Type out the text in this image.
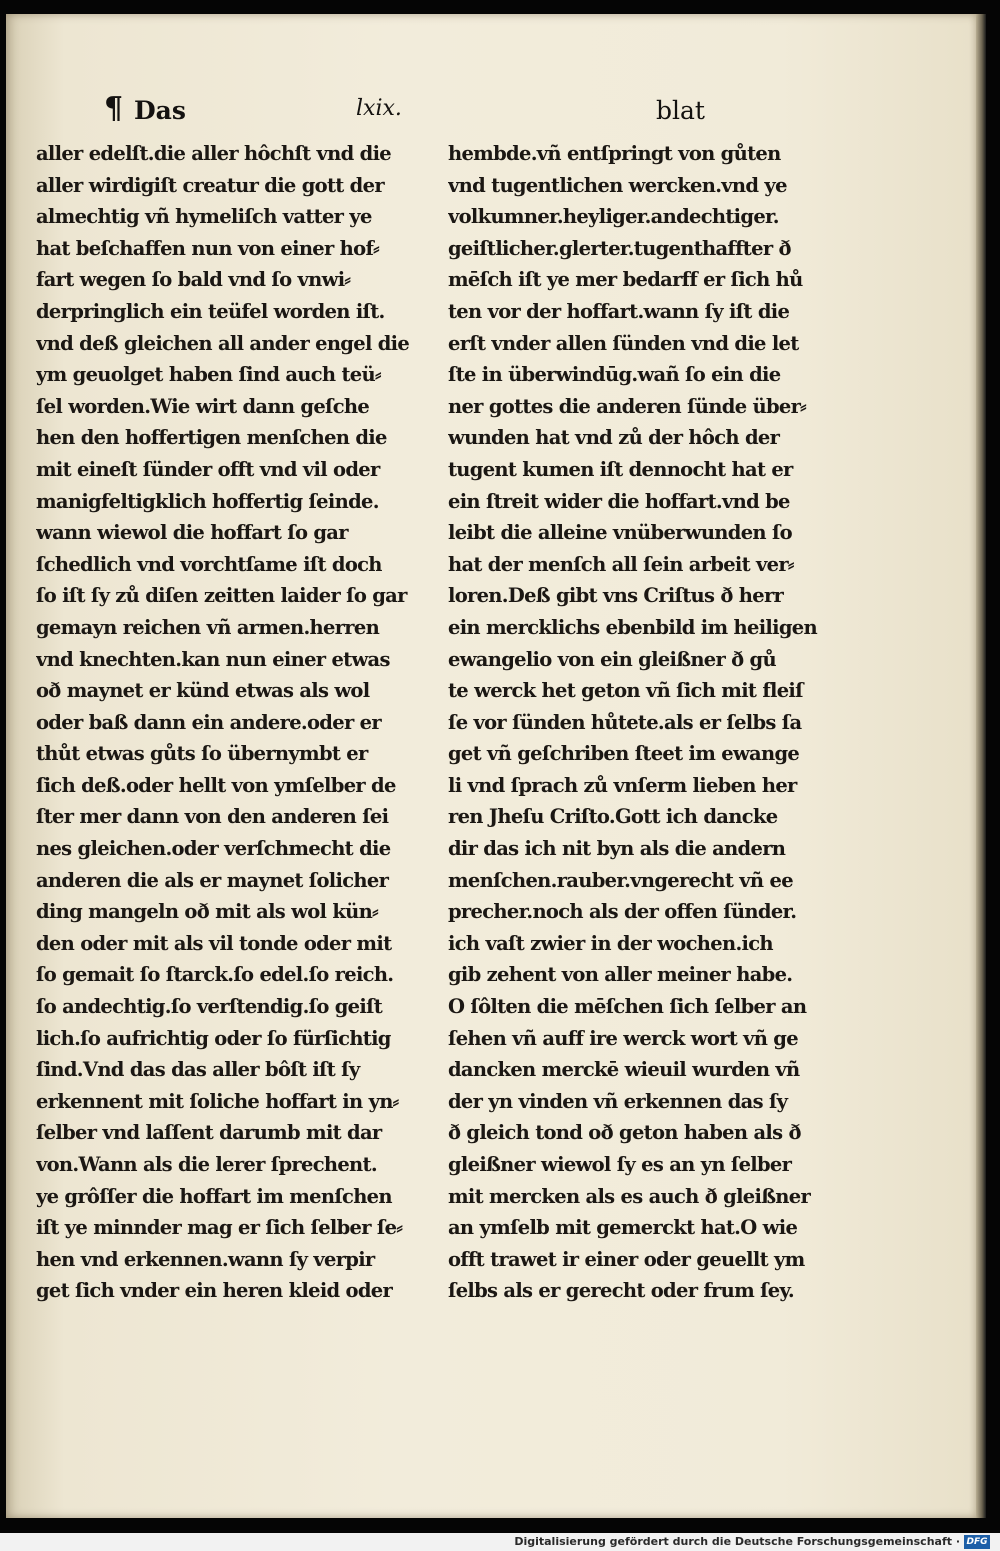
¶ Das	lxix.	blat
aller edelſt.die aller hôchſt vnd die
aller wirdigiſt creatur die gott der
almechtig vñ hymeliſch vatter ye
hat beſchaffen nun von einer hof⸗
fart wegen ſo bald vnd ſo vnwi⸗
derpringlich ein teüfel worden iſt.
vnd deß gleichen all ander engel die
ym geuolget haben ſind auch teü⸗
ſel worden.Wie wirt dann geſche
hen den hoffertigen menſchen die
mit eineſt ſünder offt vnd vil oder
manigfeltigklich hoffertig ſeinde.
wann wiewol die hoffart ſo gar
ſchedlich vnd vorchtſame iſt doch
ſo iſt ſy zů diſen zeitten laider ſo gar
gemayn reichen vñ armen.herren
vnd knechten.kan nun einer etwas
oð maynet er künd etwas als wol
oder baß dann ein andere.oder er
thůt etwas gůts ſo übernymbt er
ſich deß.oder hellt von ymſelber de
ſter mer dann von den anderen ſei
nes gleichen.oder verſchmecht die
anderen die als er maynet ſolicher
ding mangeln oð mit als wol kün⸗
den oder mit als vil tonde oder mit
ſo gemait ſo ſtarck.ſo edel.ſo reich.
ſo andechtig.ſo verſtendig.ſo geiſt
lich.ſo aufrichtig oder ſo fürſichtig
ſind.Vnd das das aller bôſt iſt ſy
erkennent mit ſoliche hoffart in yn⸗
ſelber vnd laſſent darumb mit dar
von.Wann als die lerer ſprechent.
ye grôſſer die hoffart im menſchen
iſt ye minnder mag er ſich ſelber ſe⸗
hen vnd erkennen.wann ſy verpir
get ſich vnder ein heren kleid oder
hembde.vñ entſpringt von gůten
vnd tugentlichen wercken.vnd ye
volkumner.heyliger.andechtiger.
geiſtlicher.glerter.tugenthaffter ð
mēſch iſt ye mer bedarff er ſich hů
ten vor der hoffart.wann ſy iſt die
erſt vnder allen ſünden vnd die let
ſte in überwindūg.wañ ſo ein die
ner gottes die anderen ſünde über⸗
wunden hat vnd zů der hôch der
tugent kumen iſt dennocht hat er
ein ſtreit wider die hoffart.vnd be
leibt die alleine vnüberwunden ſo
hat der menſch all ſein arbeit ver⸗
loren.Deß gibt vns Criſtus ð herr
ein mercklichs ebenbild im heiligen
ewangelio von ein gleißner ð gů
te werck het geton vñ ſich mit fleiſ
ſe vor ſünden hůtete.als er ſelbs ſa
get vñ geſchriben ſteet im ewange
li vnd ſprach zů vnſerm lieben her
ren Jheſu Criſto.Gott ich dancke
dir das ich nit byn als die andern
menſchen.rauber.vngerecht vñ ee
precher.noch als der offen ſünder.
ich vaſt zwier in der wochen.ich
gib zehent von aller meiner habe.
O ſôlten die mēſchen ſich ſelber an
ſehen vñ auff ire werck wort vñ ge
dancken merckē wieuil wurden vñ
der yn vinden vñ erkennen das ſy
ð gleich tond oð geton haben als ð
gleißner wiewol ſy es an yn ſelber
mit mercken als es auch ð gleißner
an ymſelb mit gemerckt hat.O wie
offt trawet ir einer oder geuellt ym
ſelbs als er gerecht oder frum ſey.
Digitalisierung gefördert durch die Deutsche Forschungsgemeinschaft · DFG
